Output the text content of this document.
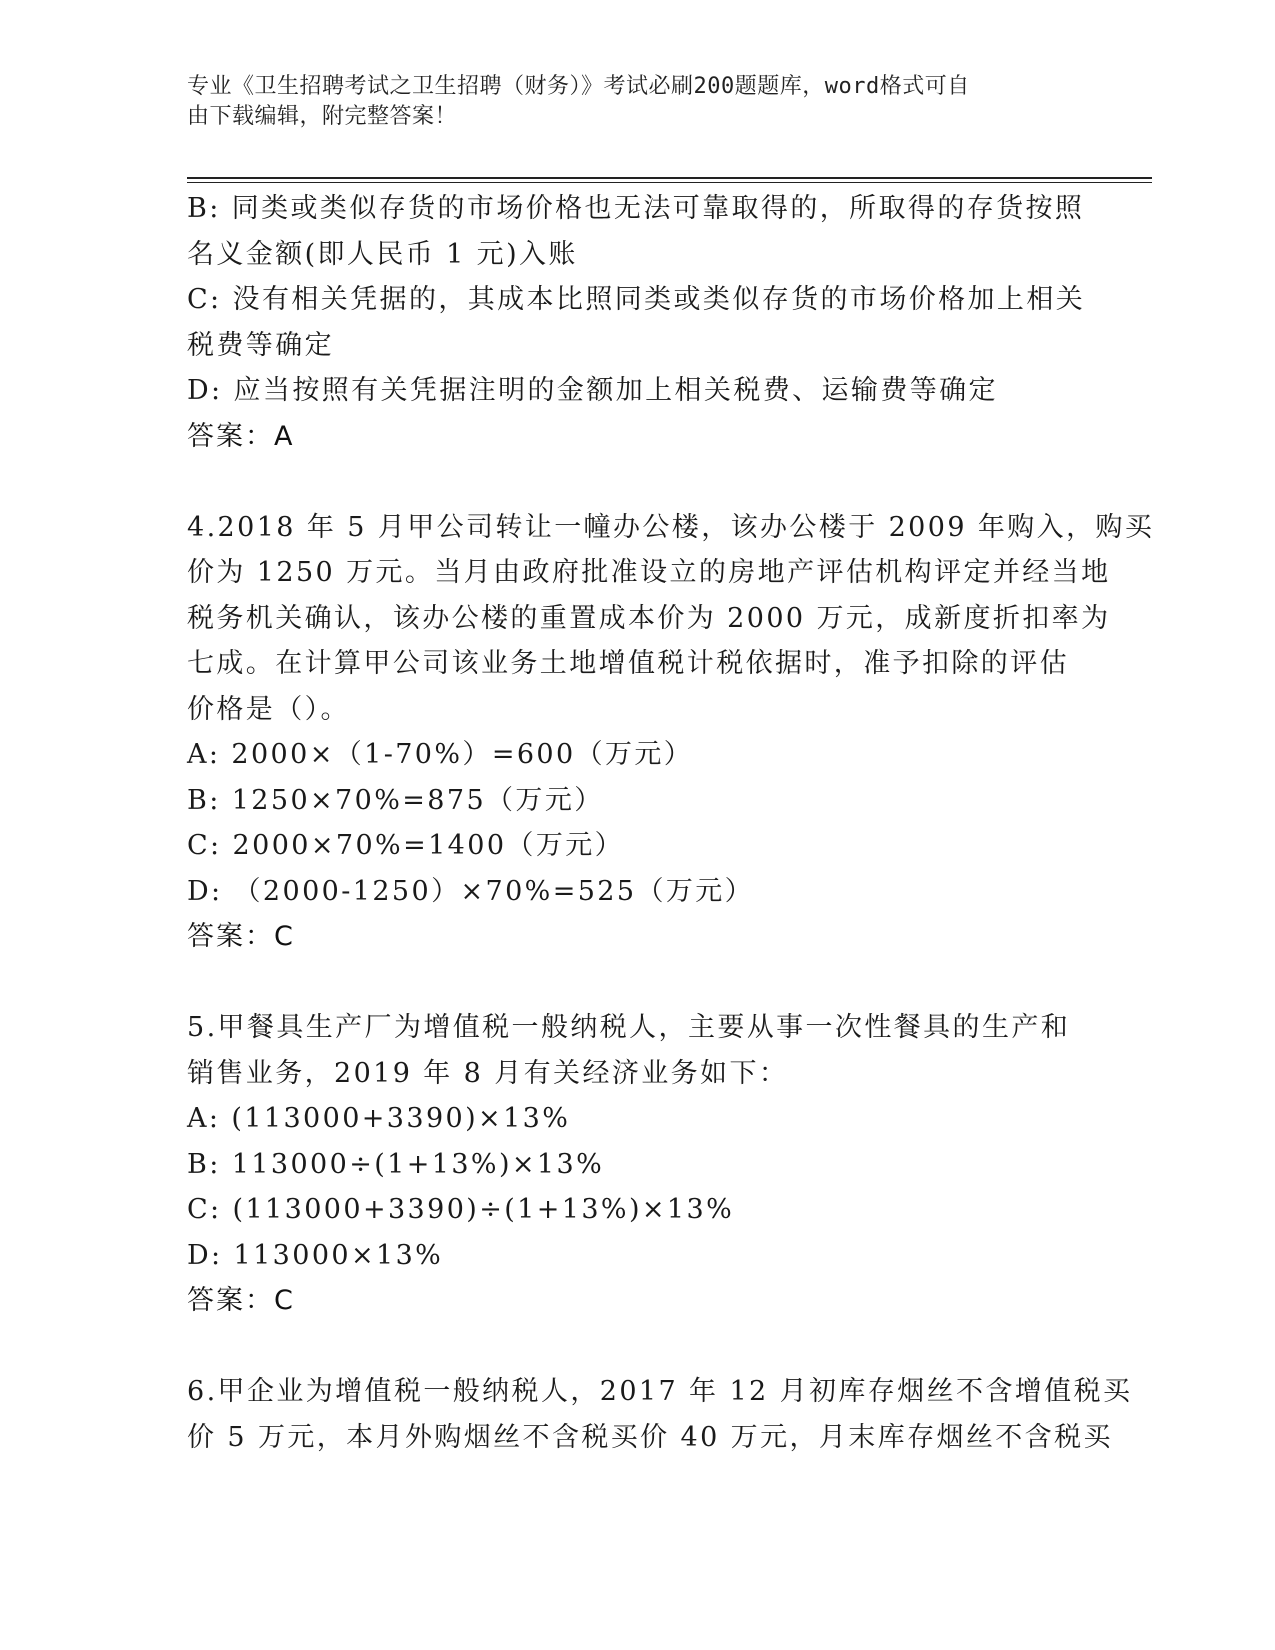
专业《卫生招聘考试之卫生招聘（财务）》考试必刷200题题库，word格式可自
由下载编辑，附完整答案！
B: 同类或类似存货的市场价格也无法可靠取得的，所取得的存货按照
名义金额(即人民币 1 元)入账
C: 没有相关凭据的，其成本比照同类或类似存货的市场价格加上相关
税费等确定
D: 应当按照有关凭据注明的金额加上相关税费、运输费等确定
答案：A
4.2018 年 5 月甲公司转让一幢办公楼，该办公楼于 2009 年购入，购买
价为 1250 万元。当月由政府批准设立的房地产评估机构评定并经当地
税务机关确认，该办公楼的重置成本价为 2000 万元，成新度折扣率为
七成。在计算甲公司该业务土地增值税计税依据时，准予扣除的评估
价格是（）。
A: 2000×（1-70%）=600（万元）
B: 1250×70%=875（万元）
C: 2000×70%=1400（万元）
D: （2000-1250）×70%=525（万元）
答案：C
5.甲餐具生产厂为增值税一般纳税人，主要从事一次性餐具的生产和
销售业务，2019 年 8 月有关经济业务如下：
A: (113000+3390)×13%
B: 113000÷(1+13%)×13%
C: (113000+3390)÷(1+13%)×13%
D: 113000×13%
答案：C
6.甲企业为增值税一般纳税人，2017 年 12 月初库存烟丝不含增值税买
价 5 万元，本月外购烟丝不含税买价 40 万元，月末库存烟丝不含税买
